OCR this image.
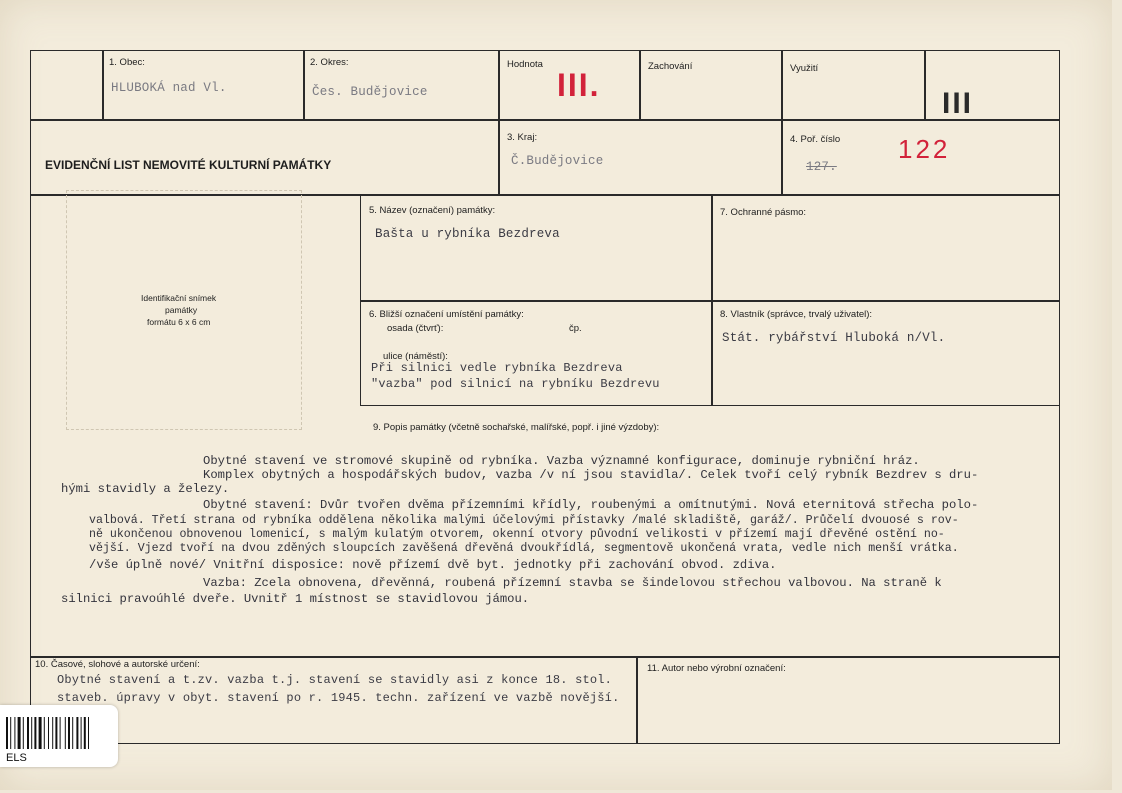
1. Obec:
HLUBOKÁ nad Vl.
2. Okres:
Čes. Budějovice
Hodnota
III.
Zachování	Využití
III
EVIDENČNÍ LIST NEMOVITÉ KULTURNÍ PAMÁTKY
3. Kraj:
Č.Budějovice
4. Poř. číslo
127.
122
Identifikační snímek
památky
formátu 6 x 6 cm
5. Název (označení) památky:
Bašta u rybníka Bezdreva
7. Ochranné pásmo:
6. Bližší označení umístění památky:
osada (čtvrť):	čp.
ulice (náměstí):
Při silnici vedle rybníka Bezdreva
"vazba" pod silnicí na rybníku Bezdrevu
8. Vlastník (správce, trvalý uživatel):
Stát. rybářství Hluboká n/Vl.
9. Popis památky (včetně sochařské, malířské, popř. i jiné výzdoby):
Obytné stavení ve stromové skupině od rybníka. Vazba významné konfigurace, dominuje rybniční hráz.
Komplex obytných a hospodářských budov, vazba /v ní jsou stavidla/. Celek tvoří celý rybník Bezdrev s dru-
hými stavidly a železy.
Obytné stavení: Dvůr tvořen dvěma přízemními křídly, roubenými a omítnutými. Nová eternitová střecha polo-
valbová. Třetí strana od rybníka oddělena několika malými účelovými přístavky /malé skladiště, garáž/. Průčelí dvouosé s rov-
ně ukončenou obnovenou lomenicí, s malým kulatým otvorem, okenní otvory původní velikosti v přízemí mají dřevěné ostění no-
vější. Vjezd tvoří na dvou zděných sloupcích zavěšená dřevěná dvoukřídlá, segmentově ukončená vrata, vedle nich menší vrátka.
/vše úplně nové/ Vnitřní disposice: nově přízemí dvě byt. jednotky při zachování obvod. zdiva.
Vazba: Zcela obnovena, dřevěnná, roubená přízemní stavba se šindelovou střechou valbovou. Na straně k
silnici pravoúhlé dveře. Uvnitř 1 místnost se stavidlovou jámou.
10. Časové, slohové a autorské určení:
Obytné stavení a t.zv. vazba t.j. stavení se stavidly asi z konce 18. stol.
staveb. úpravy v obyt. stavení po r. 1945. techn. zařízení ve vazbě novější.
11. Autor nebo výrobní označení:
ELS
